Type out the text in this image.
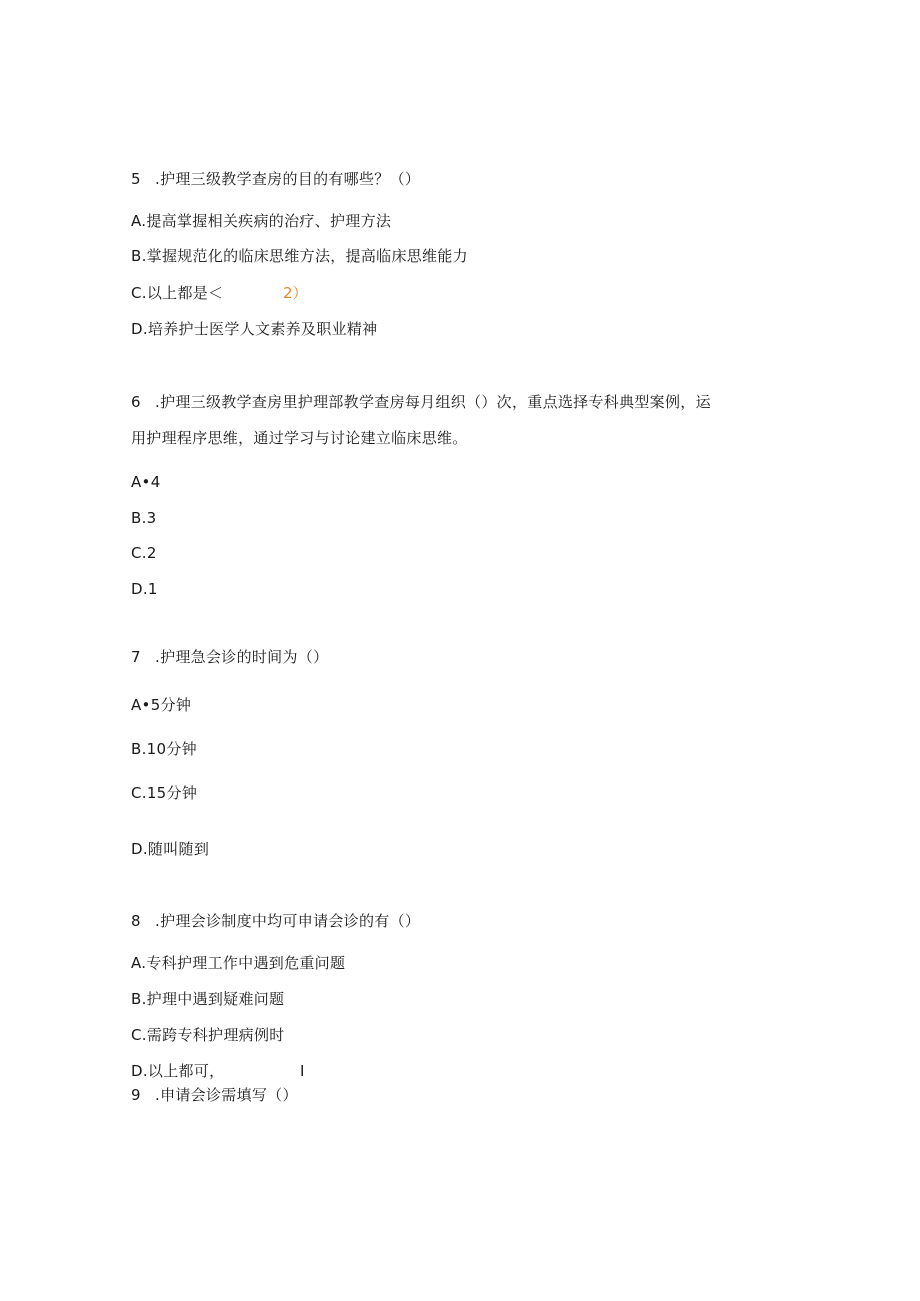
5 .护理三级教学查房的目的有哪些？（）
A.提高掌握相关疾病的治疗、护理方法
B.掌握规范化的临床思维方法，提高临床思维能力
C.以上都是＜	2）
D.培养护士医学人文素养及职业精神
6 .护理三级教学查房里护理部教学查房每月组织（）次，重点选择专科典型案例，运
用护理程序思维，通过学习与讨论建立临床思维。
A•4
B.3
C.2
D.1
7 .护理急会诊的时间为（）
A•5分钟
B.10分钟
C.15分钟
D.随叫随到
8 .护理会诊制度中均可申请会诊的有（）
A.专科护理工作中遇到危重问题
B.护理中遇到疑难问题
C.需跨专科护理病例时
D.以上都可，	I
9 .申请会诊需填写（）
